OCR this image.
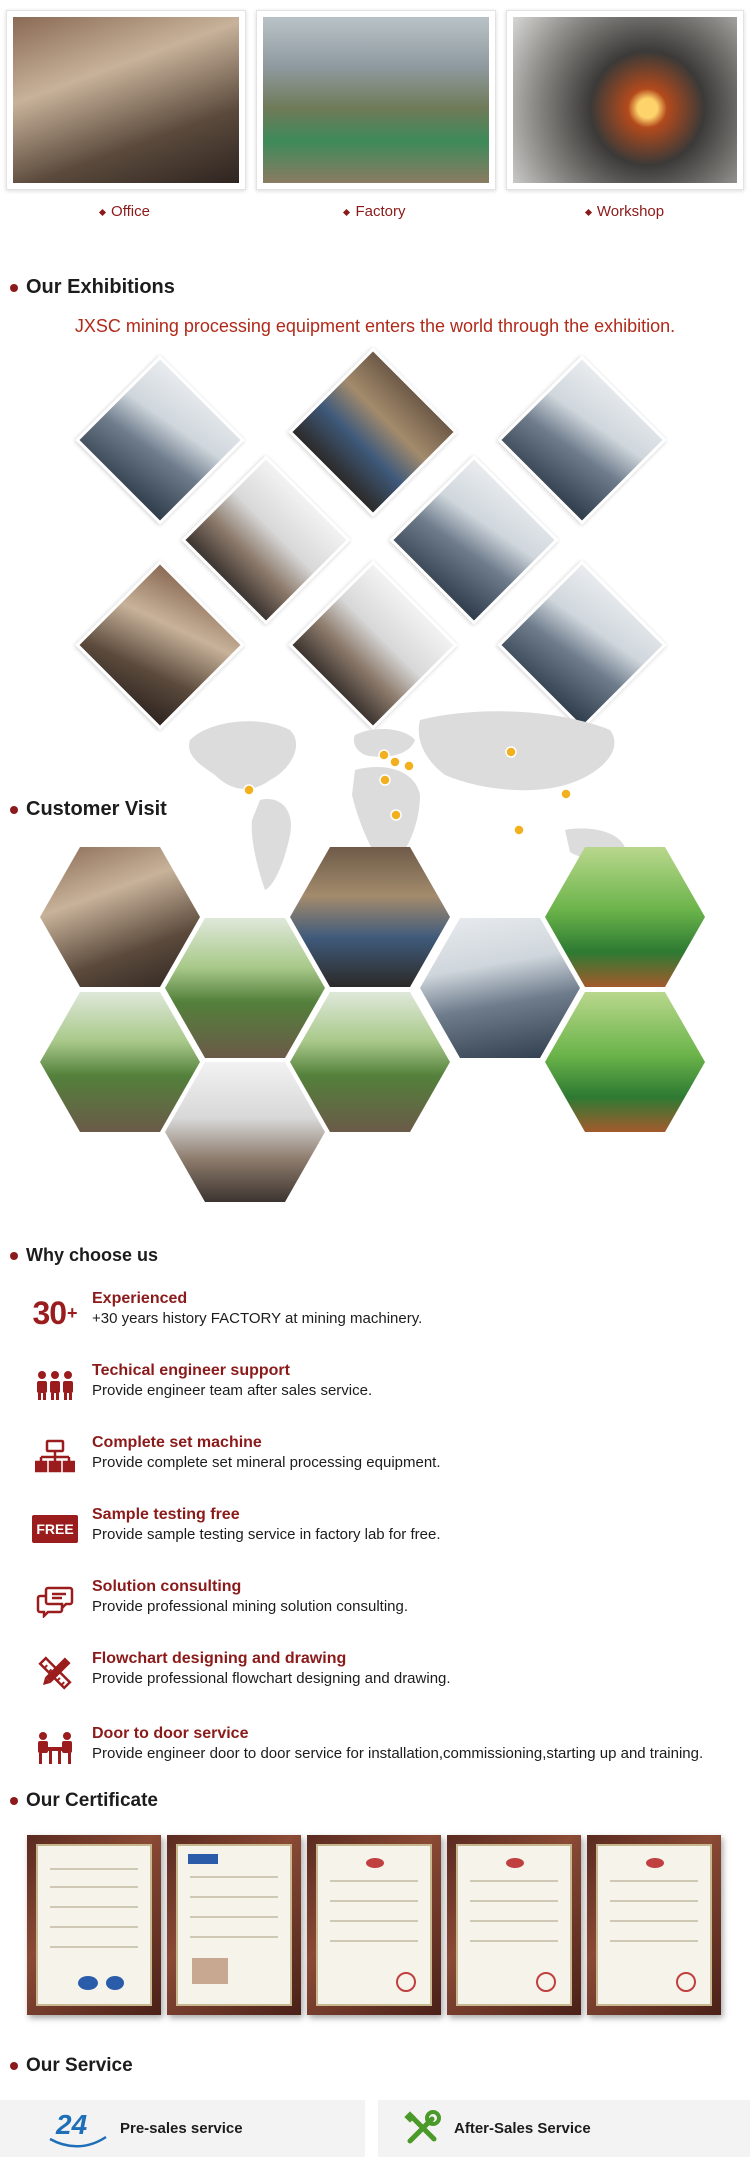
Office	Factory	Workshop
Our Exhibitions
JXSC mining processing equipment enters the world through the exhibition.
Customer Visit
Why choose us
30 +
Experienced
+30 years history FACTORY at mining machinery.
Techical engineer support
Provide engineer team after sales service.
Complete set machine
Provide complete set mineral processing equipment.
FREE
Sample testing free
Provide sample testing service in factory lab for free.
Solution consulting
Provide professional mining solution consulting.
Flowchart designing and drawing
Provide professional flowchart designing and drawing.
Door to door service
Provide engineer door to door service for installation,commissioning,starting up and training.
Our Certificate
Our Service
24 Pre-sales service	After-Sales Service
